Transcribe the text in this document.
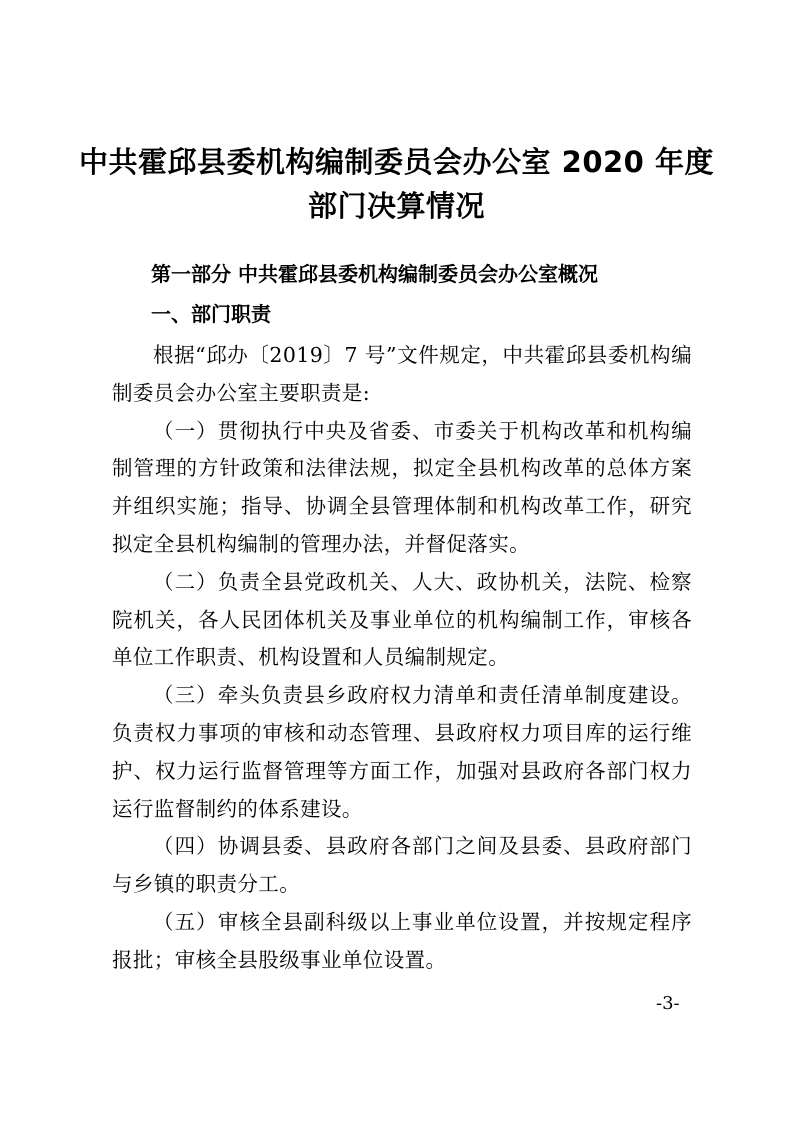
中共霍邱县委机构编制委员会办公室 2020 年度
部门决算情况
第一部分 中共霍邱县委机构编制委员会办公室概况
一、部门职责

根据“邱办〔2019〕7 号”文件规定，中共霍邱县委机构编制委员会办公室主要职责是:

（一）贯彻执行中央及省委、市委关于机构改革和机构编制管理的方针政策和法律法规，拟定全县机构改革的总体方案并组织实施；指导、协调全县管理体制和机构改革工作，研究拟定全县机构编制的管理办法，并督促落实。

（二）负责全县党政机关、人大、政协机关，法院、检察院机关，各人民团体机关及事业单位的机构编制工作，审核各单位工作职责、机构设置和人员编制规定。

（三）牵头负责县乡政府权力清单和责任清单制度建设。负责权力事项的审核和动态管理、县政府权力项目库的运行维护、权力运行监督管理等方面工作，加强对县政府各部门权力运行监督制约的体系建设。

（四）协调县委、县政府各部门之间及县委、县政府部门与乡镇的职责分工。

（五）审核全县副科级以上事业单位设置，并按规定程序报批；审核全县股级事业单位设置。

-3-
